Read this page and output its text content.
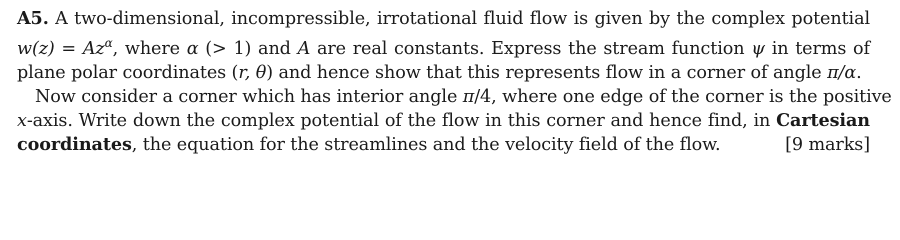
A5. A two-dimensional, incompressible, irrotational fluid flow is given by the complex potential
$w(z) = Az^\alpha$, where α (> 1) and A are real constants. Express the stream function ψ in terms of
plane polar coordinates (r, θ) and hence show that this represents flow in a corner of angle π/α.
Now consider a corner which has interior angle π/4, where one edge of the corner is the positive
x-axis. Write down the complex potential of the flow in this corner and hence find, in Cartesian
coordinates, the equation for the streamlines and the velocity field of the flow.	[9 marks]
